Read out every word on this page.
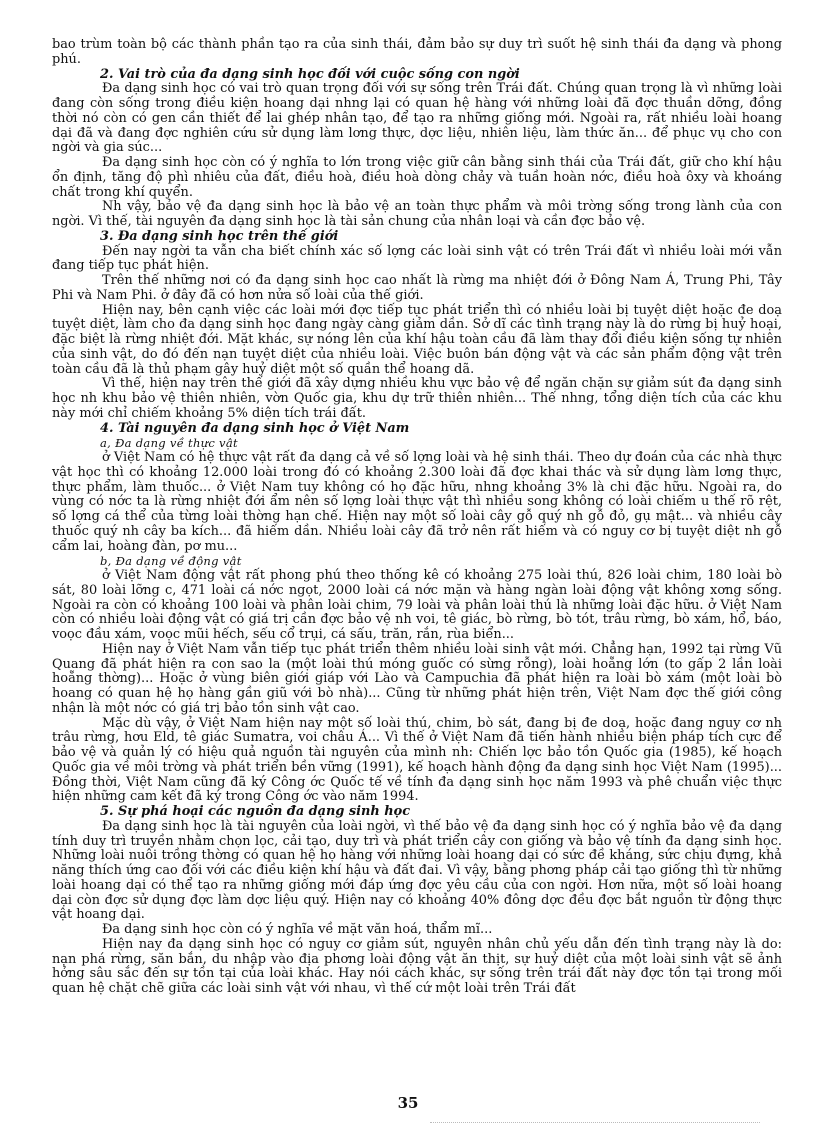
bao trùm toàn bộ các thành phần tạo ra của sinh thái, đảm bảo sự duy trì suốt hệ sinh thái đa dạng và phong phú.

2. Vai trò của đa dạng sinh học đối với cuộc sống con ngời

Đa dạng sinh học có vai trò quan trọng đối với sự sống trên Trái đất. Chúng quan trọng là vì những loài đang còn sống trong điều kiện hoang dại nhng lại có quan hệ hàng với những loài đã đợc thuần dỡng, đồng thời nó còn có gen cần thiết để lai ghép nhân tạo, để tạo ra những giống mới. Ngoài ra, rất nhiều loài hoang dại đã và đang đợc nghiên cứu sử dụng làm lơng thực, dợc liệu, nhiên liệu, làm thức ăn... để phục vụ cho con ngời và gia súc...

Đa dạng sinh học còn có ý nghĩa to lớn trong việc giữ cân bằng sinh thái của Trái đất, giữ cho khí hậu ổn định, tăng độ phì nhiêu của đất, điều hoà, điều hoà dòng chảy và tuần hoàn nớc, điều hoà ôxy và khoáng chất trong khí quyển.

Nh vậy, bảo vệ đa dạng sinh học là bảo vệ an toàn thực phẩm và môi trờng sống trong lành của con ngời. Vì thế, tài nguyên đa dạng sinh học là tài sản chung của nhân loại và cần đợc bảo vệ.

3. Đa dạng sinh học trên thế giới

Đến nay ngời ta vẫn cha biết chính xác số lợng các loài sinh vật có trên Trái đất vì nhiều loài mới vẫn đang tiếp tục phát hiện.

Trên thế những nơi có đa dạng sinh học cao nhất là rừng ma nhiệt đới ở Đông Nam Á, Trung Phi, Tây Phi và Nam Phi. ở đây đã có hơn nửa số loài của thế giới.

Hiện nay, bên cạnh việc các loài mới đợc tiếp tục phát triển thì có nhiều loài bị tuyệt diệt hoặc đe doạ tuyệt diệt, làm cho đa dạng sinh học đang ngày càng giảm dần. Sở dĩ các tình trạng này là do rừng bị huỷ hoại, đặc biệt là rừng nhiệt đới. Mặt khác, sự nóng lên của khí hậu toàn cầu đã làm thay đổi điều kiện sống tự nhiên của sinh vật, do đó đến nạn tuyệt diệt của nhiều loài. Việc buôn bán động vật và các sản phẩm động vật trên toàn cầu đã là thủ phạm gây huỷ diệt một số quần thể hoang dã.

Vì thế, hiện nay trên thế giới đã xây dựng nhiều khu vực bảo vệ để ngăn chặn sự giảm sút đa dạng sinh học nh khu bảo vệ thiên nhiên, vờn Quốc gia, khu dự trữ thiên nhiên... Thế nhng, tổng diện tích của các khu này mới chỉ chiếm khoảng 5% diện tích trái đất.

4. Tài nguyên đa dạng sinh học ở Việt Nam

a, Đa dạng về thực vật

ở Việt Nam có hệ thực vật rất đa dạng cả về số lợng loài và hệ sinh thái. Theo dự đoán của các nhà thực vật học thì có khoảng 12.000 loài trong đó có khoảng 2.300 loài đã đợc khai thác và sử dụng làm lơng thực, thực phẩm, làm thuốc... ở Việt Nam tuy không có họ đặc hữu, nhng khoảng 3% là chi đặc hữu. Ngoài ra, do vùng có nớc ta là rừng nhiệt đới ẩm nên số lợng loài thực vật thì nhiều song không có loài chiếm u thế rõ rệt, số lợng cá thể của từng loài thờng hạn chế. Hiện nay một số loài cây gỗ quý nh gỗ đỏ, gụ mật... và nhiều cây thuốc quý nh cây ba kích... đã hiếm dần. Nhiều loài cây đã trở nên rất hiếm và có nguy cơ bị tuyệt diệt nh gỗ cẩm lai, hoàng đàn, pơ mu...

b, Đa dạng về động vật

ở Việt Nam động vật rất phong phú theo thống kê có khoảng 275 loài thú, 826 loài chim, 180 loài bò sát, 80 loài lỡng c, 471 loài cá nớc ngọt, 2000 loài cá nớc mặn và hàng ngàn loài động vật không xơng sống. Ngoài ra còn có khoảng 100 loài và phân loài chim, 79 loài và phân loài thú là những loài đặc hữu. ở Việt Nam còn có nhiều loài động vật có giá trị cần đợc bảo vệ nh voi, tê giác, bò rừng, bò tót, trâu rừng, bò xám, hổ, báo, voọc đầu xám, voọc mũi hếch, sếu cổ trụi, cá sấu, trăn, rắn, rùa biển...

Hiện nay ở Việt Nam vẫn tiếp tục phát triển thêm nhiều loài sinh vật mới. Chẳng hạn, 1992 tại rừng Vũ Quang đã phát hiện ra con sao la (một loài thú móng guốc có sừng rỗng), loài hoẵng lớn (to gấp 2 lần loài hoẵng thờng)... Hoặc ở vùng biên giới giáp với Lào và Campuchia đã phát hiện ra loài bò xám (một loài bò hoang có quan hệ họ hàng gần giũ với bò nhà)... Cũng từ những phát hiện trên, Việt Nam đợc thế giới công nhận là một nớc có giá trị bảo tồn sinh vật cao.

Mặc dù vậy, ở Việt Nam hiện nay một số loài thú, chim, bò sát, đang bị đe doạ, hoặc đang nguy cơ nh trâu rừng, hơu Eld, tê giác Sumatra, voi châu Á... Vì thế ở Việt Nam đã tiến hành nhiều biện pháp tích cực để bảo vệ và quản lý có hiệu quả nguồn tài nguyên của mình nh: Chiến lợc bảo tồn Quốc gia (1985), kế hoạch Quốc gia về môi trờng và phát triển bền vững (1991), kế hoạch hành động đa dạng sinh học Việt Nam (1995)... Đồng thời, Việt Nam cũng đã ký Công ớc Quốc tế về tính đa dạng sinh học năm 1993 và phê chuẩn việc thực hiện những cam kết đã ký trong Công ớc vào năm 1994.

5. Sự phá hoại các nguồn đa dạng sinh học

Đa dạng sinh học là tài nguyên của loài ngời, vì thế bảo vệ đa dạng sinh học có ý nghĩa bảo vệ đa dạng tính duy trì truyền nhằm chọn lọc, cải tạo, duy trì và phát triển cây con giống và bảo vệ tính đa dạng sinh học. Những loài nuôi trồng thờng có quan hệ họ hàng với những loài hoang dại có sức đề kháng, sức chịu đựng, khả năng thích ứng cao đối với các điều kiện khí hậu và đất đai. Vì vậy, bằng phơng pháp cải tạo giống thì từ những loài hoang dại có thể tạo ra những giống mới đáp ứng đợc yêu cầu của con ngời. Hơn nữa, một số loài hoang dại còn đợc sử dụng đợc làm dợc liệu quý. Hiện nay có khoảng 40% đông dợc đều đợc bắt nguồn từ động thực vật hoang dại.

Đa dạng sinh học còn có ý nghĩa về mặt văn hoá, thẩm mĩ...

Hiện nay đa dạng sinh học có nguy cơ giảm sút, nguyên nhân chủ yếu dẫn đến tình trạng này là do: nạn phá rừng, săn bắn, du nhập vào địa phơng loài động vật ăn thịt, sự huỷ diệt của một loài sinh vật sẽ ảnh hởng sâu sắc đến sự tồn tại của loài khác. Hay nói cách khác, sự sống trên trái đất này đợc tồn tại trong mối quan hệ chặt chẽ giữa các loài sinh vật với nhau, vì thế cứ một loài trên Trái đất

35
